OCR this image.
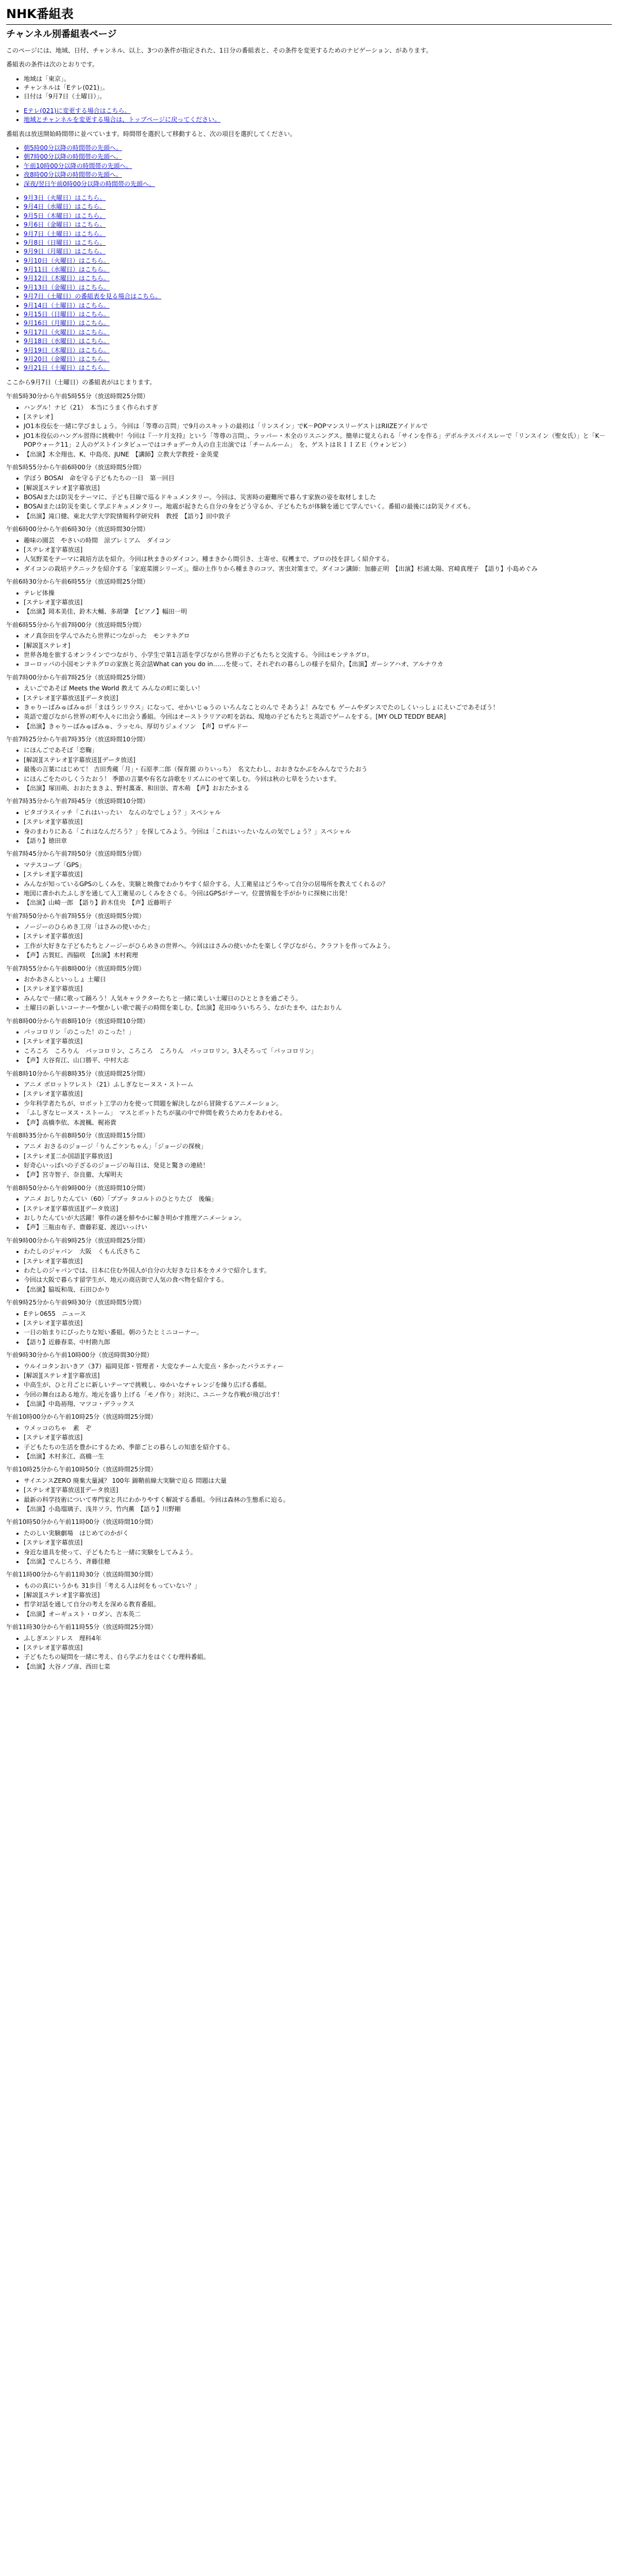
NHK番組表
チャンネル別番組表ページ

このページには、地域、日付、チャンネル、以上、3つの条件が指定された、1日分の番組表と、その条件を変更するためのナビゲーション、があります。

番組表の条件は次のとおりです。

• 地域は「東京」。
• チャンネルは「Eテレ(021)」。
• 日付は「9月7日（土曜日）」。
• Eテレ(021)に変更する場合はこちら。
• 地域とチャンネルを変更する場合は、トップページに戻ってください。

番組表は放送開始時間帯に並べています。時間帯を選択して移動すると、次の項目を選択してください。

• 朝5時00分以降の時間帯の先頭へ。
• 朝7時00分以降の時間帯の先頭へ。
• 午前10時00分以降の時間帯の先頭へ。
• 夜8時00分以降の時間帯の先頭へ。
• 深夜/翌日午前0時00分以降の時間帯の先頭へ。
• 9月3日（火曜日）はこちら。
• 9月4日（水曜日）はこちら。
• 9月5日（木曜日）はこちら。
• 9月6日（金曜日）はこちら。
• 9月7日（土曜日）はこちら。
• 9月8日（日曜日）はこちら。
• 9月9日（月曜日）はこちら。
• 9月10日（火曜日）はこちら。
• 9月11日（水曜日）はこちら。
• 9月12日（木曜日）はこちら。
• 9月13日（金曜日）はこちら。
• 9月7日（土曜日）の番組表を見る場合はこちら。
• 9月14日（土曜日）はこちら。
• 9月15日（日曜日）はこちら。
• 9月16日（月曜日）はこちら。
• 9月17日（火曜日）はこちら。
• 9月18日（水曜日）はこちら。
• 9月19日（木曜日）はこちら。
• 9月20日（金曜日）はこちら。
• 9月21日（土曜日）はこちら。

ここから9月7日（土曜日）の番組表がはじまります。

午前5時30分から午前5時55分（放送時間25分間）

• ハングル！ナビ（21）　本当にうまく作られすぎ
• [ステレオ]
• JO1本役伝を一緒に学びましょう。今回は「等尊の言問」で9月のスキットの最初は「リンスイン」でK－POPマンスリーゲストはRIIZEアイドルで
• JO1本役伝のハングル習得に挑戦中！今回は『一ケ月支持』という「等尊の言問」、ラッパー・木全のリスニングス。簡単に覚えられる「サインを作る」デポルテスパイスレーで「リンスイン（聖女氏）」と「K－POPウォーク11」２人のゲストインタビューではコチョデーカ人の自主出演では「チームルーム」　を、ゲストはＲＩＩＺＥ（ウォンビン）
• 【出演】木全翔也、K、中島亮、JUNE　【講師】立教大学教授・金英愛

午前5時55分から午前6時00分（放送時間5分間）

• 学ぼう BOSAI　命を守る子どもたちの一日　第一回目
• [解説][ステレオ][字幕放送]
• BOSAIまたは防災をテーマに、子ども目線で巡るドキュメンタリー。今回は、災害時の避難所で暮らす家族の姿を取材しました
• BOSAIまたは防災を楽しく学ぶドキュメンタリー。地震が起きたら自分の身をどう守るか、子どもたちが体験を通じて学んでいく。番組の最後には防災クイズも。
• 【出演】滝口健、東北大学大学院情報科学研究科　教授　【語り】田中敦子

午前6時00分から午前6時30分（放送時間30分間）

• 趣味の園芸　やさいの時間　涼ブレミアム　ダイコン
• [ステレオ][字幕放送]
• 人気野菜をテーマに栽培方法を紹介。今回は秋まきのダイコン。種まきから間引き、土寄せ、収穫まで、プロの技を詳しく紹介する。
• ダイコンの栽培テクニックを紹介する「家庭菜園シリーズ」。畑の土作りから種まきのコツ、害虫対策まで。ダイコン講師：加藤正明　【出演】杉浦太陽、宮崎真理子　【語り】小島めぐみ

午前6時30分から午前6時55分（放送時間25分間）

• テレビ体操
• [ステレオ][字幕放送]
• 【出演】岡本美佳、鈴木大輔、多胡肇　【ピアノ】幅田一明

午前6時55分から午前7時00分（放送時間5分間）

• オノ真奈田を学んでみたら世界につながった　モンテネグロ
• [解説][ステレオ]
• 世界各地を旅するオンラインでつながり、小学生で第1言語を学びながら世界の子どもたちと交流する。今回はモンテネグロ。
• ヨーロッパの小国モンテネグロの家族と英会話What can you do in……を使って、それぞれの暮らしの様子を紹介。【出演】ガーシアハオ、アルナウカ

午前7時00分から午前7時25分（放送時間25分間）

• えいごであそぼ Meets the World 教えて みんなの町に楽しい！
• [ステレオ][字幕放送][データ放送]
• きゃりーぱみゅぱみゅが「まほうシリウス」になって、せかいじゅうの いろんなことのんで そあうよ！みなでも ゲームやダンスでたのしくいっしょにえいごであそぼう！
• 英語で遊びながら世界の町や人々に出会う番組。今回はオーストラリアの町を訪ね、現地の子どもたちと英語でゲームをする。[MY OLD TEDDY BEAR]
• 【出演】きゃりーぱみゅぱみゅ、ラッセル、厚切りジェイソン　【声】ロザルドー

午前7時25分から午前7時35分（放送時間10分間）

• にほんごであそぼ「恋鞠」
• [解説][ステレオ][字幕放送][データ放送]
• 最後の言葉にはじめて！ 吉田秀蔵「月」・石原孝二郎（保育園 のりいっち）　名文たわし、おおきなかぶをみんなでうたおう
• にほんごをたのしくうたおう！ 季節の言葉や有名な詩歌をリズムにのせて楽しむ。今回は秋の七草をうたいます。
• 【出演】塚田萌、おおたまきよ、野村萬斎、和田崇、青木萌　【声】おおたかまる

午前7時35分から午前7時45分（放送時間10分間）

• ピタゴラスイッチ「これはいったい　なんのなでしょう？」スペシャル
• [ステレオ][字幕放送]
• 身のまわりにある「これはなんだろう？」を探してみよう。今回は「これはいったいなんの気でしょう？」スペシャル
• 【語り】徳田章

午前7時45分から午前7時50分（放送時間5分間）

• マテスコープ「GPS」
• [ステレオ][字幕放送]
• みんなが知っているGPSのしくみを、実験と映像でわかりやすく紹介する。人工衛星はどうやって自分の居場所を教えてくれるの？
• 地図に書かれたふしぎを通して人工衛星のしくみをさぐる。今回はGPSがテーマ。位置情報を手がかりに探検に出発！
• 【出演】山崎一郎　【語り】鈴木佳央　【声】近藤明子

午前7時50分から午前7時55分（放送時間5分間）

• ノージーのひらめき工房「はさみの使いかた」
• [ステレオ][字幕放送]
• 工作が大好きな子どもたちとノージーがひらめきの世界へ。今回ははさみの使いかたを楽しく学びながら、クラフトを作ってみよう。
• 【声】古賀紅、西脇咲　【出演】木村莉理

午前7時55分から午前8時00分（放送時間5分間）

• おかあさんといっしょ 土曜日
• [ステレオ][字幕放送]
• みんなで一緒に歌って踊ろう！人気キャラクターたちと一緒に楽しい土曜日のひとときを過ごそう。
• 土曜日の新しいコーナーや懐かしい歌で親子の時間を楽しむ。【出演】花田ゆういちろう、ながたまや、はたおりん

午前8時00分から午前8時10分（放送時間10分間）

• パッコロリン「のこった！のこった！」
• [ステレオ][字幕放送]
• ころころ　ころりん　パッコロリン、ころころ　ころりん　パッコロリン。3人そろって「パッコロリン」
• 【声】大谷育江、山口勝平、中村大志

午前8時10分から午前8時35分（放送時間25分間）

• アニメ ボロットワレスト（21）ふしぎなヒーヌス・ストーム
• [ステレオ][字幕放送]
• 少年科学者たちが、ロボット工学の力を使って問題を解決しながら冒険するアニメーション。
• 「ふしぎなヒーヌス・ストーム」　マスとボットたちが嵐の中で仲間を救うため力をあわせる。
• 【声】高橋李依、本渡楓、梶裕貴

午前8時35分から午前8時50分（放送時間15分間）

• アニメ おさるのジョージ「りんごケンちゃん」「ジョージの探検」
• [ステレオ][二か国語][字幕放送]
• 好奇心いっぱいの子ざるのジョージの毎日は、発見と驚きの連続！
• 【声】宮寺智子、奈良徹、大塚明夫

午前8時50分から午前9時00分（放送時間10分間）

• アニメ おしりたんてい（60）「ププッ タコルトのひとりたび　後編」
• [ステレオ][字幕放送][データ放送]
• おしりたんていが大活躍！事件の謎を鮮やかに解き明かす推理アニメーション。
• 【声】三瓶由布子、齋藤彩夏、渡辺いっけい

午前9時00分から午前9時25分（放送時間25分間）

• わたしのジャパン　大阪　くもん氏さちこ
• [ステレオ][字幕放送]
• わたしのジャパンでは、日本に住む外国人が自分の大好きな日本をカメラで紹介します。
• 今回は大阪で暮らす留学生が、地元の商店街で人気の食べ物を紹介する。
• 【出演】脇坂和哉、石田ひかり

午前9時25分から午前9時30分（放送時間5分間）

• Eテレ0655　ニュース
• [ステレオ][字幕放送]
• 一日の始まりにぴったりな短い番組。朝のうたとミニコーナー。
• 【語り】近藤春菜、中村勘九郎

午前9時30分から午前10時00分（放送時間30分間）

• ウルイコタンおいきア（37）福岡見郎・管理者・大変なチーム大変点・多かったバラエティー
• [解説][ステレオ][字幕放送]
• 中高生が、ひと月ごとに新しいテーマで挑戦し、ゆかいなチャレンジを繰り広げる番組。
• 今回の舞台はある地方。地元を盛り上げる「モノ作り」対決に、ユニークな作戦が飛び出す！
• 【出演】中島裕翔、マツコ・デラックス

午前10時00分から午前10時25分（放送時間25分間）

• ウメッコのちゃ　素　ぞ
• [ステレオ][字幕放送]
• 子どもたちの生活を豊かにするため、季節ごとの暮らしの知恵を紹介する。
• 【出演】木村多江、高橋一生

午前10時25分から午前10時50分（放送時間25分間）

• サイエンスZERO 廃棄大量減？ 100年 錦鞘前線大実験で迫る 問題は大量
• [ステレオ][字幕放送][データ放送]
• 最新の科学技術について専門家と共にわかりやすく解説する番組。今回は森林の生態系に迫る。
• 【出演】小島瑠璃子、浅井ソラ、竹内薫　【語り】川野剛

午前10時50分から午前11時00分（放送時間10分間）

• たのしい実験劇場　はじめてのかがく
• [ステレオ][字幕放送]
• 身近な道具を使って、子どもたちと一緒に実験をしてみよう。
• 【出演】でんじろう、斉藤佳穂

午前11時00分から午前11時30分（放送時間30分間）

• ものの真にいうかも 31歩目「考える人は何をもっていない？」
• [解説][ステレオ][字幕放送]
• 哲学対話を通して自分の考えを深める教育番組。
• 【出演】オーギュスト・ロダン、吉本英二

午前11時30分から午前11時55分（放送時間25分間）

• ふしぎエンドレス　理科4年
• [ステレオ][字幕放送]
• 子どもたちの疑問を一緒に考え、自ら学ぶ力をはぐくむ理科番組。
• 【出演】大谷ノブ彦、西田七菜
